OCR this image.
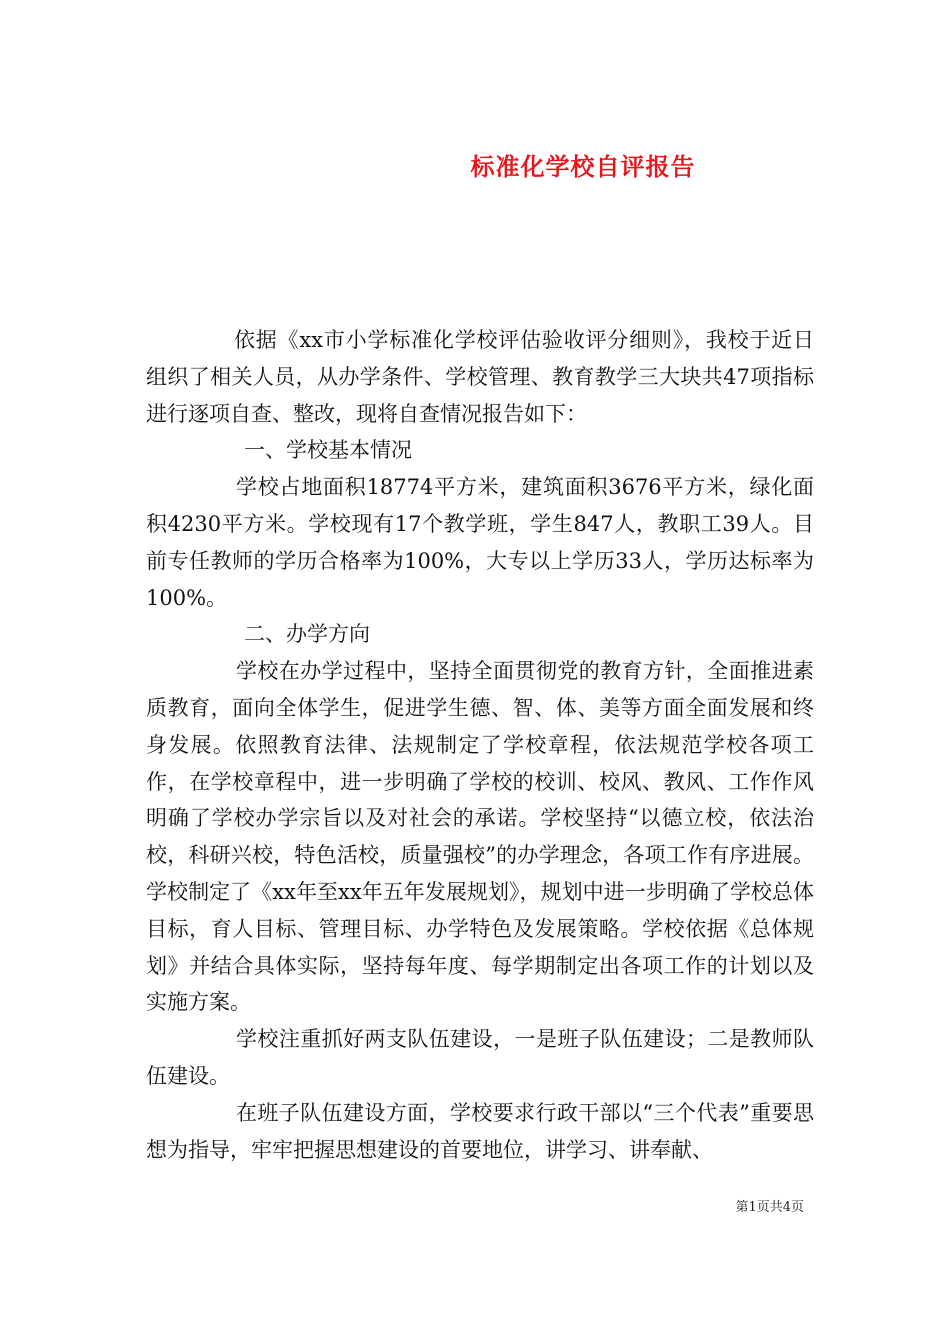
标准化学校自评报告

依据《xx市小学标准化学校评估验收评分细则》，我校于近日组织了相关人员，从办学条件、学校管理、教育教学三大块共47项指标进行逐项自查、整改，现将自查情况报告如下：

一、学校基本情况

学校占地面积18774平方米，建筑面积3676平方米，绿化面积4230平方米。学校现有17个教学班，学生847人，教职工39人。目前专任教师的学历合格率为100%，大专以上学历33人，学历达标率为100%。

二、办学方向

学校在办学过程中，坚持全面贯彻党的教育方针，全面推进素质教育，面向全体学生，促进学生德、智、体、美等方面全面发展和终身发展。依照教育法律、法规制定了学校章程，依法规范学校各项工作，在学校章程中，进一步明确了学校的校训、校风、教风、工作作风明确了学校办学宗旨以及对社会的承诺。学校坚持“以德立校，依法治校，科研兴校，特色活校，质量强校”的办学理念，各项工作有序进展。学校制定了《xx年至xx年五年发展规划》，规划中进一步明确了学校总体目标，育人目标、管理目标、办学特色及发展策略。学校依据《总体规划》并结合具体实际，坚持每年度、每学期制定出各项工作的计划以及实施方案。

学校注重抓好两支队伍建设，一是班子队伍建设；二是教师队伍建设。

在班子队伍建设方面，学校要求行政干部以“三个代表”重要思想为指导，牢牢把握思想建设的首要地位，讲学习、讲奉献、

第1页共4页
